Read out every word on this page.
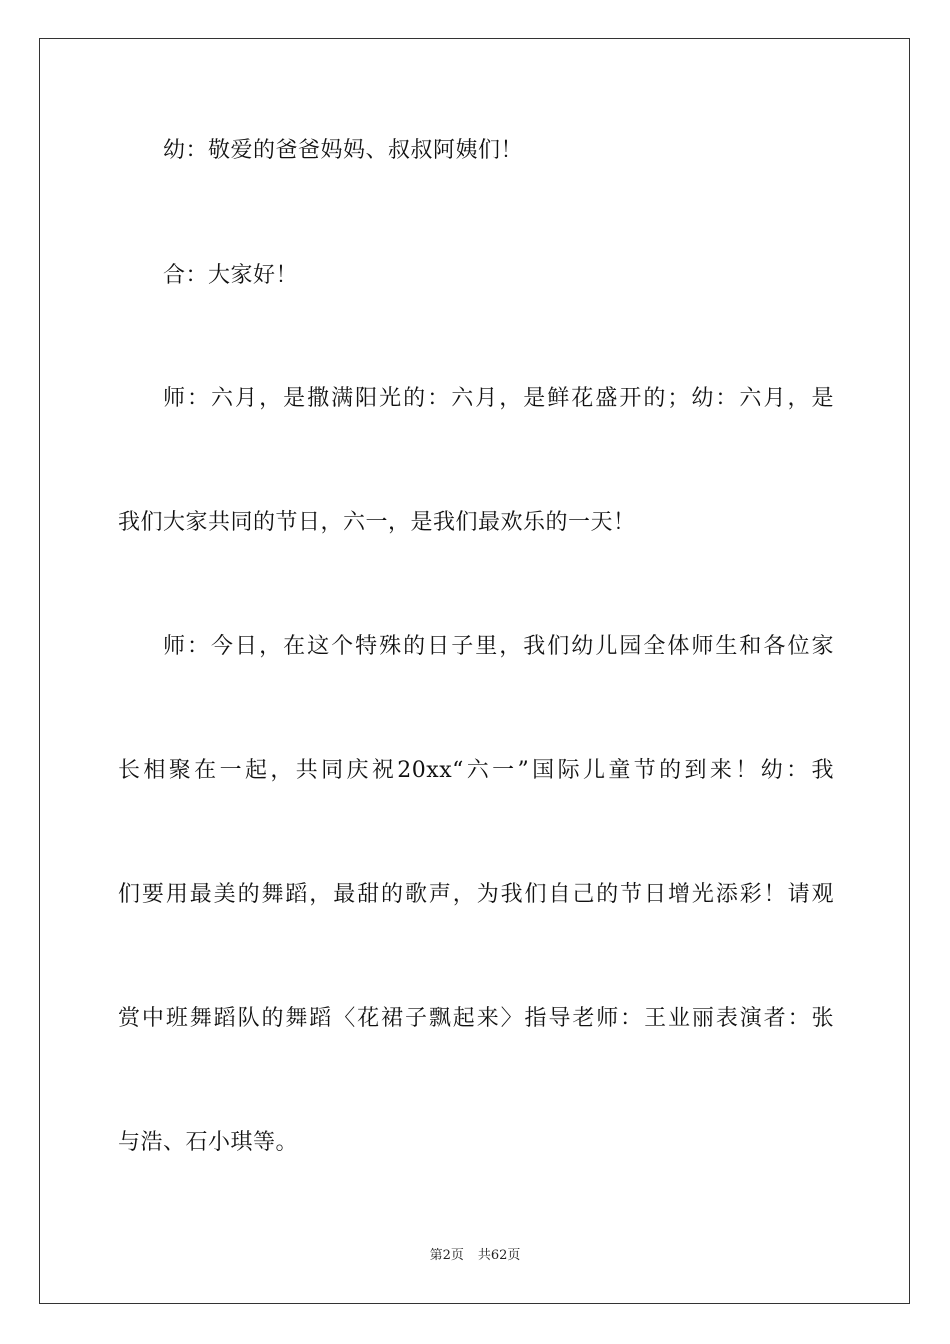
幼：敬爱的爸爸妈妈、叔叔阿姨们！
合：大家好！
师：六月，是撒满阳光的：六月，是鲜花盛开的；幼：六月，是
我们大家共同的节日，六一，是我们最欢乐的一天！
师：今日，在这个特殊的日子里，我们幼儿园全体师生和各位家
长相聚在一起，共同庆祝20xx“六一”国际儿童节的到来！幼：我
们要用最美的舞蹈，最甜的歌声，为我们自己的节日增光添彩！请观
赏中班舞蹈队的舞蹈〈花裙子飘起来〉指导老师：王业丽表演者：张
与浩、石小琪等。
第2页 共62页
